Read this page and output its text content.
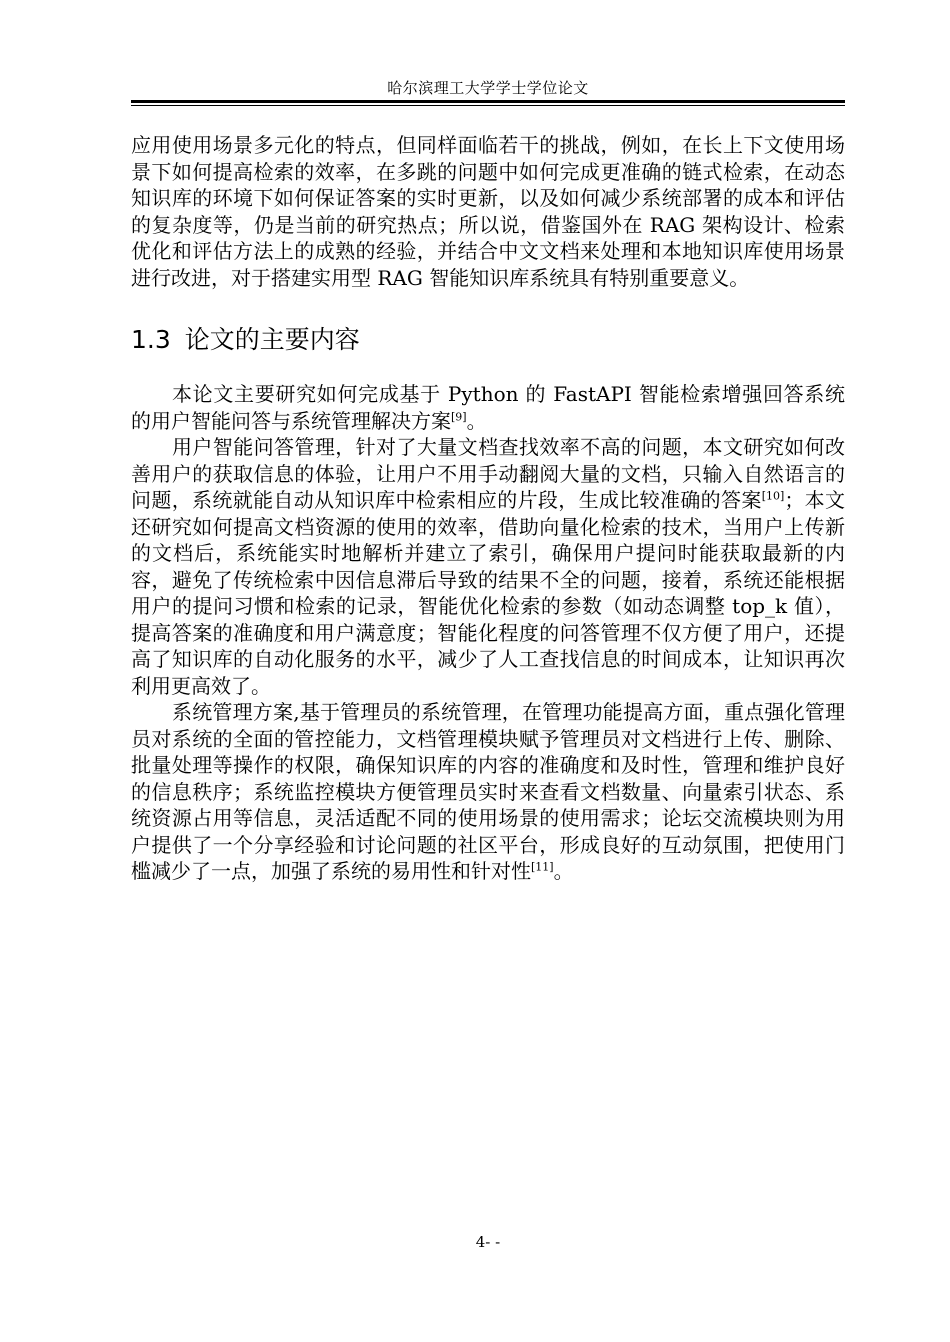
哈尔滨理工大学学士学位论文

应用使用场景多元化的特点，但同样面临若干的挑战，例如，在长上下文使用场景下如何提高检索的效率，在多跳的问题中如何完成更准确的链式检索，在动态知识库的环境下如何保证答案的实时更新，以及如何减少系统部署的成本和评估的复杂度等，仍是当前的研究热点；所以说，借鉴国外在 RAG 架构设计、检索优化和评估方法上的成熟的经验，并结合中文文档来处理和本地知识库使用场景进行改进，对于搭建实用型 RAG 智能知识库系统具有特别重要意义。

1.3 论文的主要内容

本论文主要研究如何完成基于 Python 的 FastAPI 智能检索增强回答系统的用户智能问答与系统管理解决方案[9]。

用户智能问答管理，针对了大量文档查找效率不高的问题，本文研究如何改善用户的获取信息的体验，让用户不用手动翻阅大量的文档，只输入自然语言的问题，系统就能自动从知识库中检索相应的片段，生成比较准确的答案[10]；本文还研究如何提高文档资源的使用的效率，借助向量化检索的技术，当用户上传新的文档后，系统能实时地解析并建立了索引，确保用户提问时能获取最新的内容，避免了传统检索中因信息滞后导致的结果不全的问题，接着，系统还能根据用户的提问习惯和检索的记录，智能优化检索的参数（如动态调整 top_k 值），提高答案的准确度和用户满意度；智能化程度的问答管理不仅方便了用户，还提高了知识库的自动化服务的水平，减少了人工查找信息的时间成本，让知识再次利用更高效了。

系统管理方案,基于管理员的系统管理，在管理功能提高方面，重点强化管理员对系统的全面的管控能力，文档管理模块赋予管理员对文档进行上传、删除、批量处理等操作的权限，确保知识库的内容的准确度和及时性，管理和维护良好的信息秩序；系统监控模块方便管理员实时来查看文档数量、向量索引状态、系统资源占用等信息，灵活适配不同的使用场景的使用需求；论坛交流模块则为用户提供了一个分享经验和讨论问题的社区平台，形成良好的互动氛围，把使用门槛减少了一点，加强了系统的易用性和针对性[11]。

4- -
